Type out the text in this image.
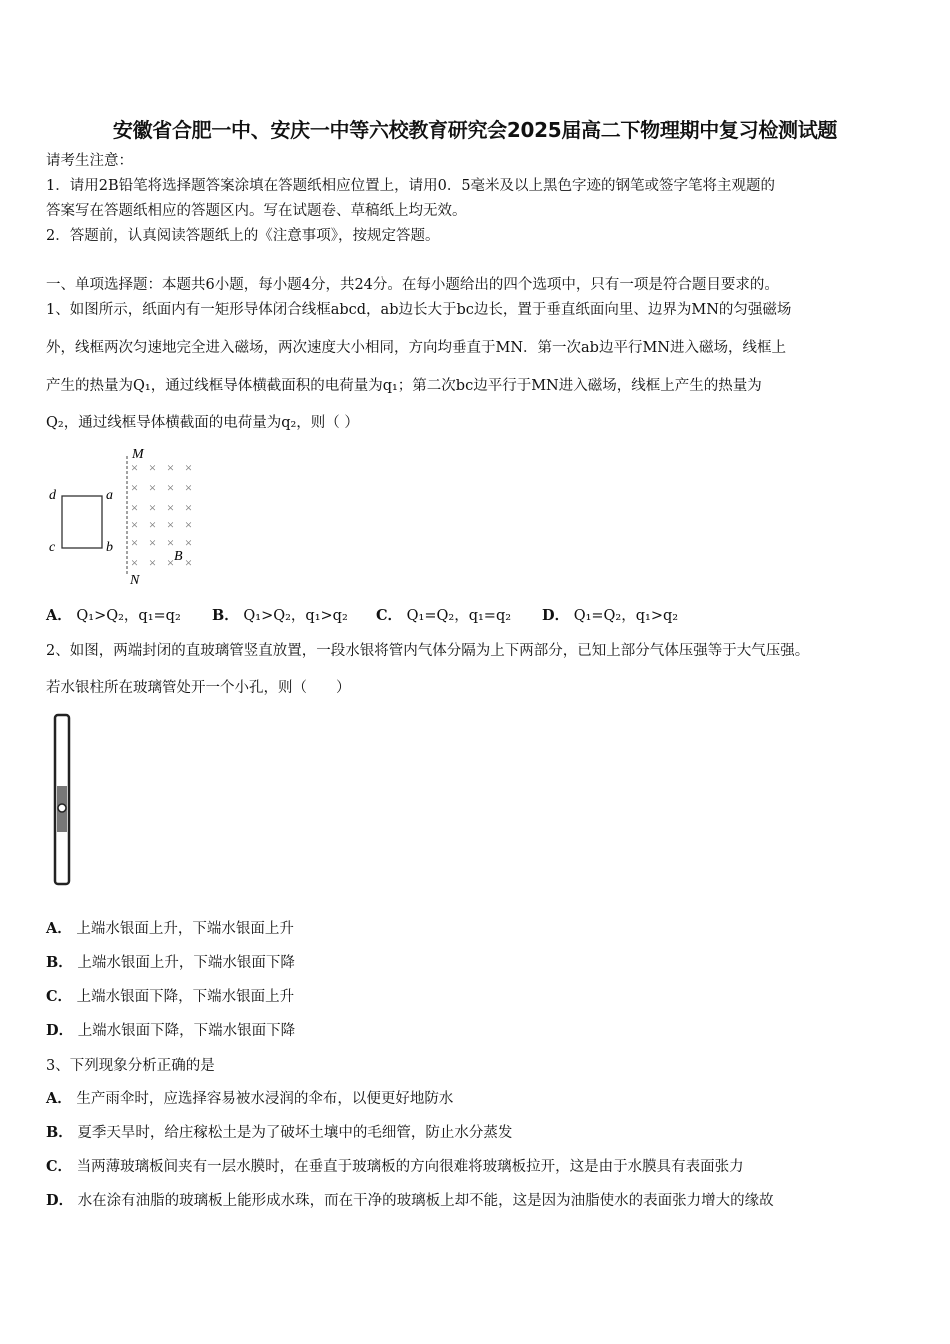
安徽省合肥一中、安庆一中等六校教育研究会2025届高二下物理期中复习检测试题
请考生注意：
1．请用2B铅笔将选择题答案涂填在答题纸相应位置上，请用0．5毫米及以上黑色字迹的钢笔或签字笔将主观题的
答案写在答题纸相应的答题区内。写在试题卷、草稿纸上均无效。
2．答题前，认真阅读答题纸上的《注意事项》，按规定答题。
一、单项选择题：本题共6小题，每小题4分，共24分。在每小题给出的四个选项中，只有一项是符合题目要求的。
1、如图所示，纸面内有一矩形导体闭合线框abcd，ab边长大于bc边长，置于垂直纸面向里、边界为MN的匀强磁场
外，线框两次匀速地完全进入磁场，两次速度大小相同，方向均垂直于MN．第一次ab边平行MN进入磁场，线框上
产生的热量为Q₁，通过线框导体横截面积的电荷量为q₁；第二次bc边平行于MN进入磁场，线框上产生的热量为
Q₂，通过线框导体横截面的电荷量为q₂，则（ ）
× × × ×
× × × ×
× × × ×
× × × ×
× × × ×
× × × ×
d	a
c	b
M
N
B
A． Q₁>Q₂，q₁=q₂ B． Q₁>Q₂，q₁>q₂ C． Q₁=Q₂，q₁=q₂ D． Q₁=Q₂，q₁>q₂
2、如图，两端封闭的直玻璃管竖直放置，一段水银将管内气体分隔为上下两部分，已知上部分气体压强等于大气压强。
若水银柱所在玻璃管处开一个小孔，则（　　）
A． 上端水银面上升，下端水银面上升
B． 上端水银面上升，下端水银面下降
C． 上端水银面下降，下端水银面上升
D． 上端水银面下降，下端水银面下降
3、下列现象分析正确的是
A． 生产雨伞时，应选择容易被水浸润的伞布，以便更好地防水
B． 夏季天旱时，给庄稼松土是为了破坏土壤中的毛细管，防止水分蒸发
C． 当两薄玻璃板间夹有一层水膜时，在垂直于玻璃板的方向很难将玻璃板拉开，这是由于水膜具有表面张力
D． 水在涂有油脂的玻璃板上能形成水珠，而在干净的玻璃板上却不能，这是因为油脂使水的表面张力增大的缘故
